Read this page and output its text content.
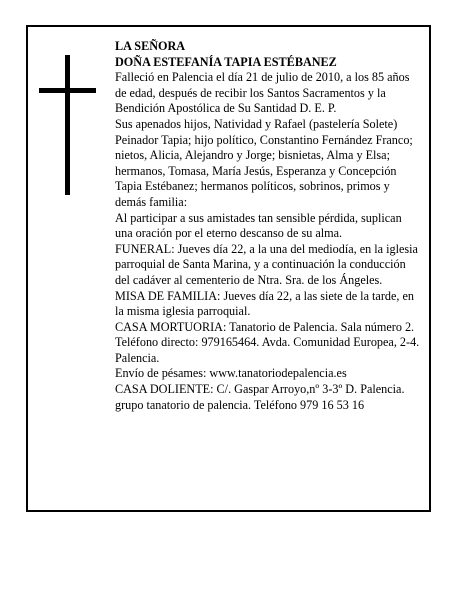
LA SEÑORA

DOÑA ESTEFANÍA TAPIA ESTÉBANEZ

Falleció en Palencia el día 21 de julio de 2010, a los 85 años de edad, después de recibir los Santos Sacramentos y la Bendición Apostólica de Su Santidad D. E. P.

Sus apenados hijos, Natividad y Rafael (pastelería Solete) Peinador Tapia; hijo político, Constantino Fernández Franco; nietos, Alicia, Alejandro y Jorge; bisnietas, Alma y Elsa; hermanos, Tomasa, María Jesús, Esperanza y Concepción Tapia Estébanez; hermanos políticos, sobrinos, primos y demás familia:

Al participar a sus amistades tan sensible pérdida, suplican una oración por el eterno descanso de su alma.

FUNERAL: Jueves día 22, a la una del mediodía, en la iglesia parroquial de Santa Marina, y a continuación la conducción del cadáver al cementerio de Ntra. Sra. de los Ángeles.

MISA DE FAMILIA: Jueves día 22, a las siete de la tarde, en la misma iglesia parroquial.

CASA MORTUORIA: Tanatorio de Palencia. Sala número 2. Teléfono directo: 979165464. Avda. Comunidad Europea, 2-4. Palencia.

Envío de pésames: www.tanatoriodepalencia.es

CASA DOLIENTE: C/. Gaspar Arroyo,nº 3-3º D. Palencia.

grupo tanatorio de palencia. Teléfono 979 16 53 16
